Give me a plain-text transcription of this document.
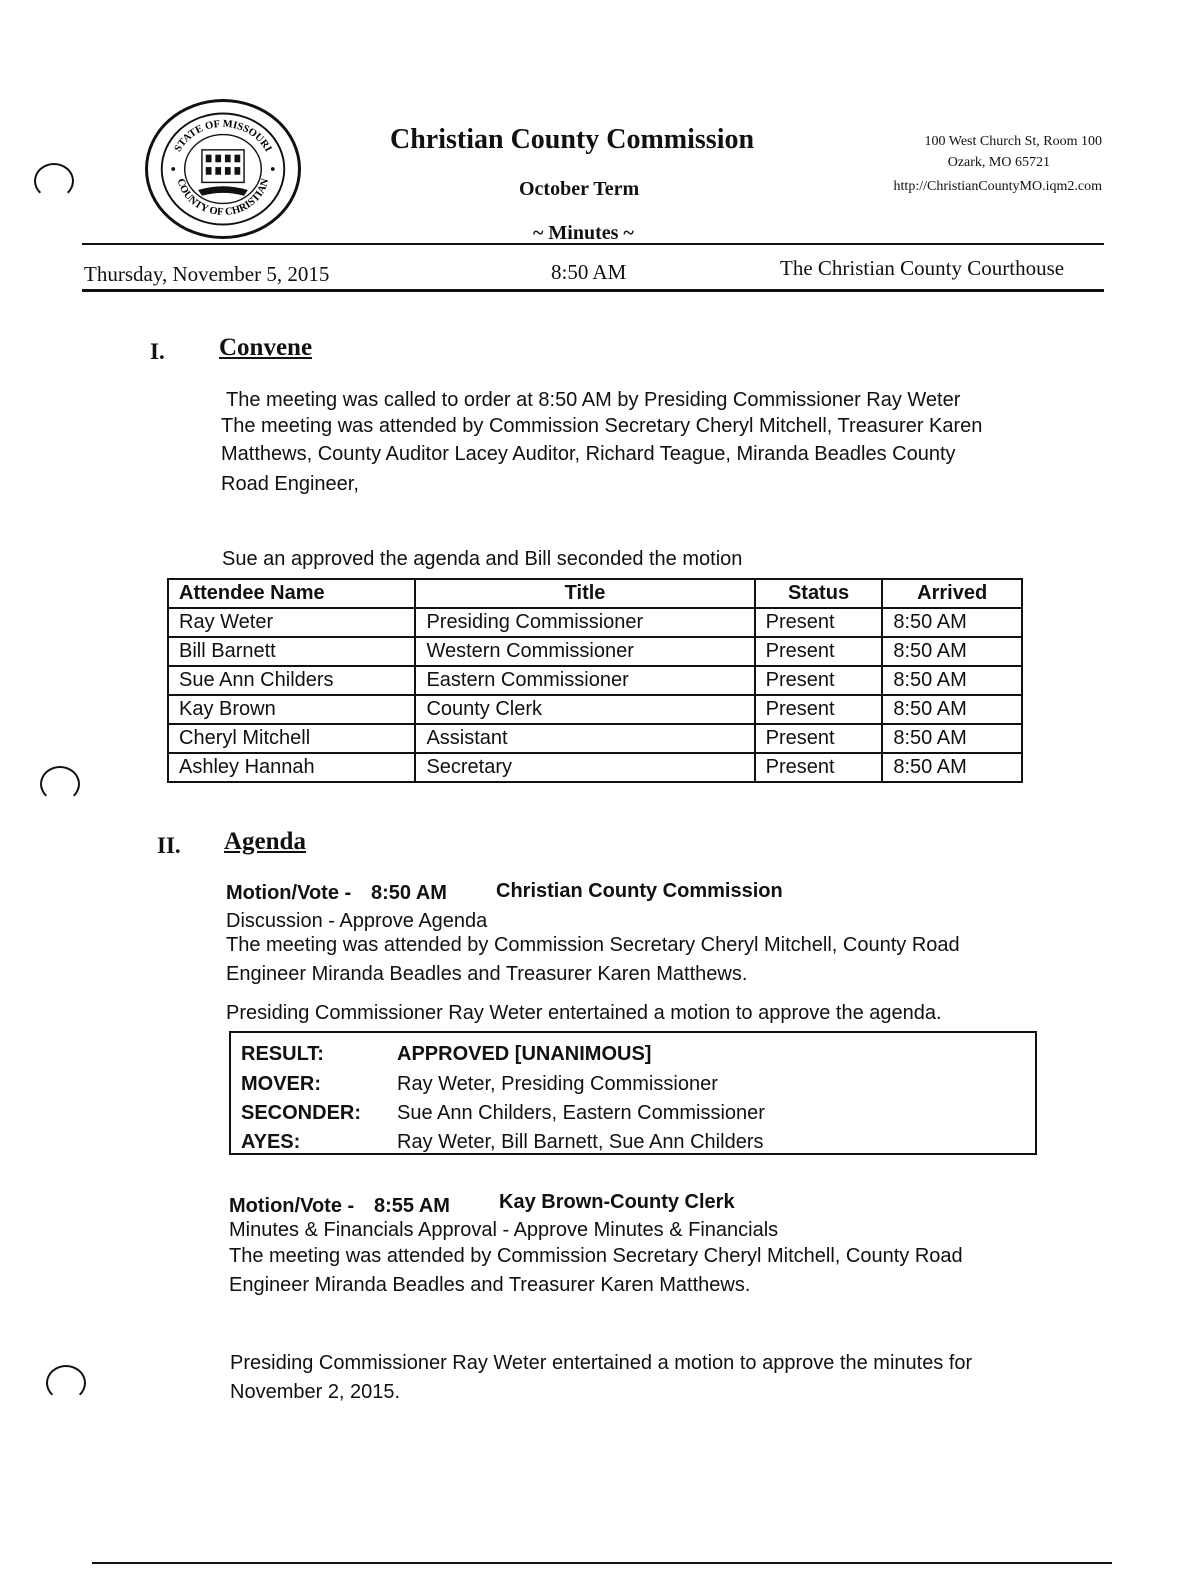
STATE OF MISSOURI
COUNTY OF CHRISTIAN
Christian County Commission
October Term
~ Minutes ~
100 West Church St, Room 100
Ozark, MO 65721
http://ChristianCountyMO.iqm2.com
Thursday, November 5, 2015	8:50 AM	The Christian County Courthouse
I. Convene
The meeting was called to order at 8:50 AM by Presiding Commissioner Ray Weter
The meeting was attended by Commission Secretary Cheryl Mitchell, Treasurer Karen
Matthews, County Auditor Lacey Auditor, Richard Teague, Miranda Beadles County
Road Engineer,
Sue an approved the agenda and Bill seconded the motion
Attendee Name	Title	Status	Arrived
Ray Weter	Presiding Commissioner	Present	8:50 AM
Bill Barnett	Western Commissioner	Present	8:50 AM
Sue Ann Childers	Eastern Commissioner	Present	8:50 AM
Kay Brown	County Clerk	Present	8:50 AM
Cheryl Mitchell	Assistant	Present	8:50 AM
Ashley Hannah	Secretary	Present	8:50 AM
II. Agenda
Motion/Vote - 8:50 AM Christian County Commission
Discussion - Approve Agenda
The meeting was attended by Commission Secretary Cheryl Mitchell, County Road
Engineer Miranda Beadles and Treasurer Karen Matthews.
Presiding Commissioner Ray Weter entertained a motion to approve the agenda.
RESULT:	APPROVED [UNANIMOUS]
MOVER:	Ray Weter, Presiding Commissioner
SECONDER: Sue Ann Childers, Eastern Commissioner
AYES:	Ray Weter, Bill Barnett, Sue Ann Childers
Motion/Vote - 8:55 AM Kay Brown-County Clerk
Minutes & Financials Approval - Approve Minutes & Financials
The meeting was attended by Commission Secretary Cheryl Mitchell, County Road
Engineer Miranda Beadles and Treasurer Karen Matthews.
Presiding Commissioner Ray Weter entertained a motion to approve the minutes for
November 2, 2015.
